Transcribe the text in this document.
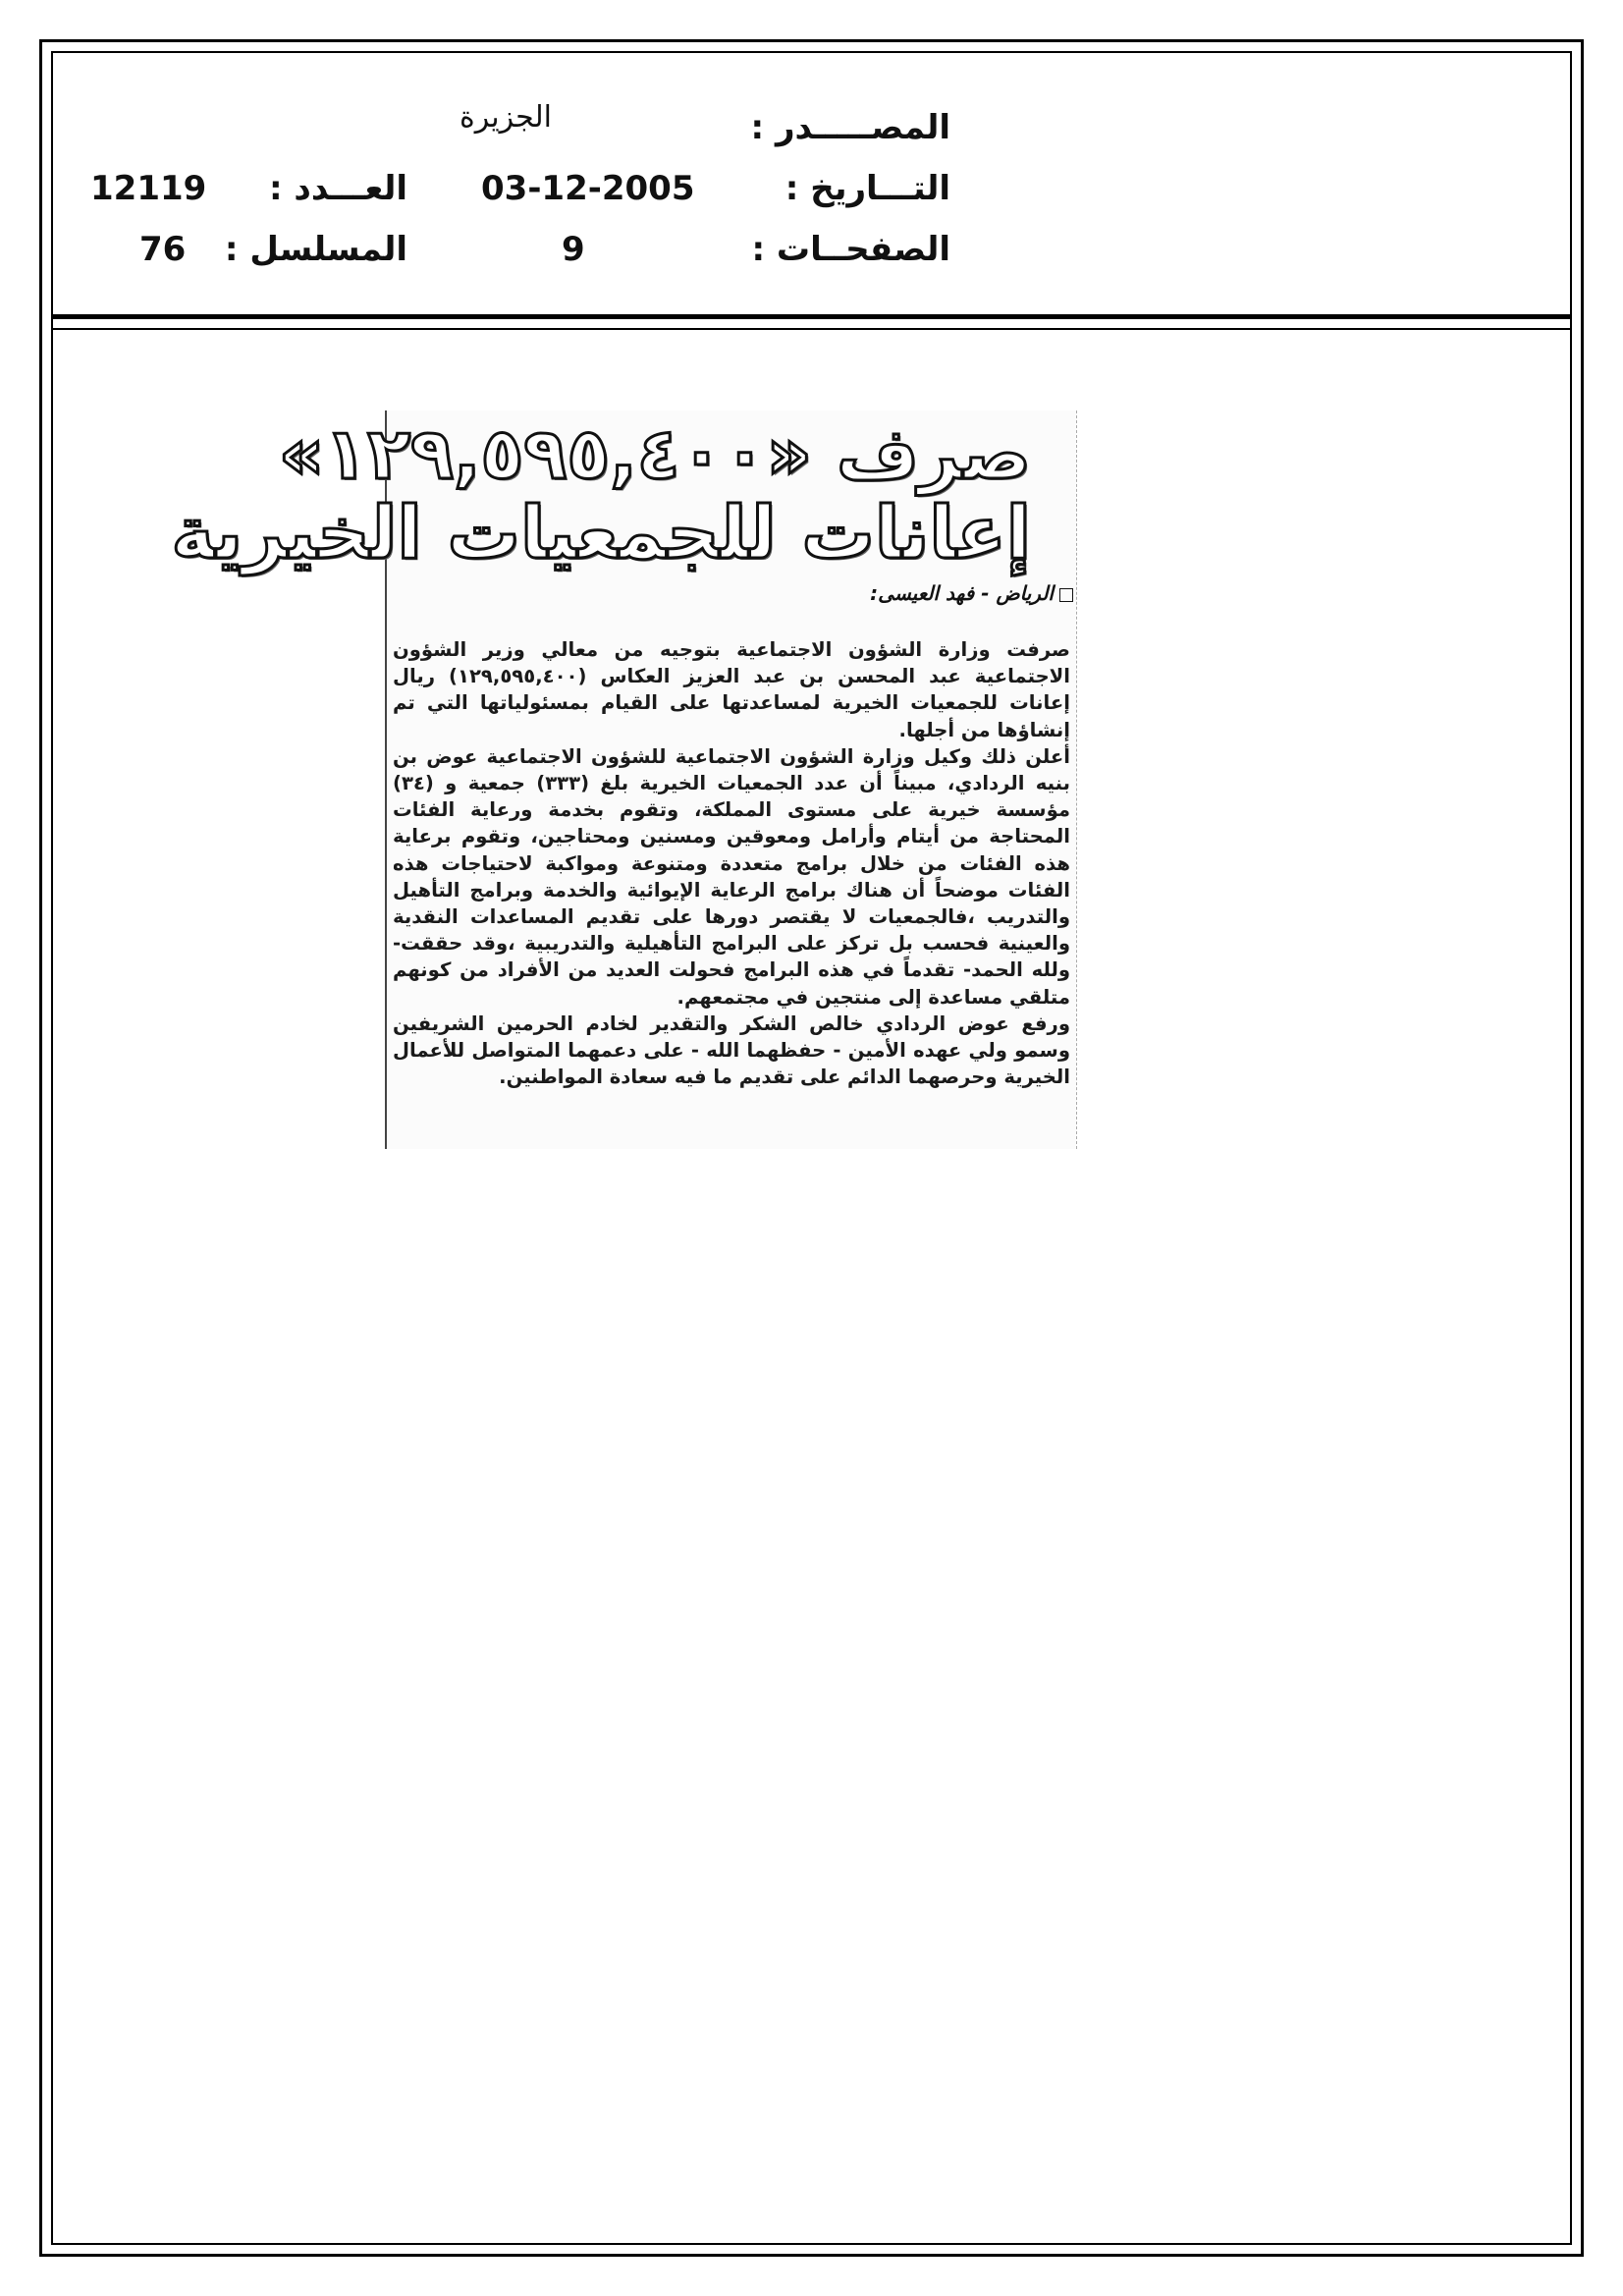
المصـــــدر :
الجزيرة
التـــاريخ :
03-12-2005
العـــدد :
12119
الصفحــات :
9
المسلسل :
76
صرف «١٢٩,٥٩٥,٤٠٠»
إعانات للجمعيات الخيرية
الرياض - فهد العيسى:

صرفت وزارة الشؤون الاجتماعية بتوجيه من معالي وزير الشؤون الاجتماعية عبد المحسن بن عبد العزيز العكاس (١٢٩,٥٩٥,٤٠٠) ريال إعانات للجمعيات الخيرية لمساعدتها على القيام بمسئولياتها التي تم إنشاؤها من أجلها.

أعلن ذلك وكيل وزارة الشؤون الاجتماعية للشؤون الاجتماعية عوض بن بنيه الردادي، مبيناً أن عدد الجمعيات الخيرية بلغ (٣٣٣) جمعية و (٣٤) مؤسسة خيرية على مستوى المملكة، وتقوم بخدمة ورعاية الفئات المحتاجة من أيتام وأرامل ومعوقين ومسنين ومحتاجين، وتقوم برعاية هذه الفئات من خلال برامج متعددة ومتنوعة ومواكبة لاحتياجات هذه الفئات موضحاً أن هناك برامج الرعاية الإيوائية والخدمة وبرامج التأهيل والتدريب ،فالجمعيات لا يقتصر دورها على تقديم المساعدات النقدية والعينية فحسب بل تركز على البرامج التأهيلية والتدريبية ،وقد حققت- ولله الحمد- تقدماً في هذه البرامج فحولت العديد من الأفراد من كونهم متلقي مساعدة إلى منتجين في مجتمعهم.

ورفع عوض الردادي خالص الشكر والتقدير لخادم الحرمين الشريفين وسمو ولي عهده الأمين - حفظهما الله - على دعمهما المتواصل للأعمال الخيرية وحرصهما الدائم على تقديم ما فيه سعادة المواطنين.
